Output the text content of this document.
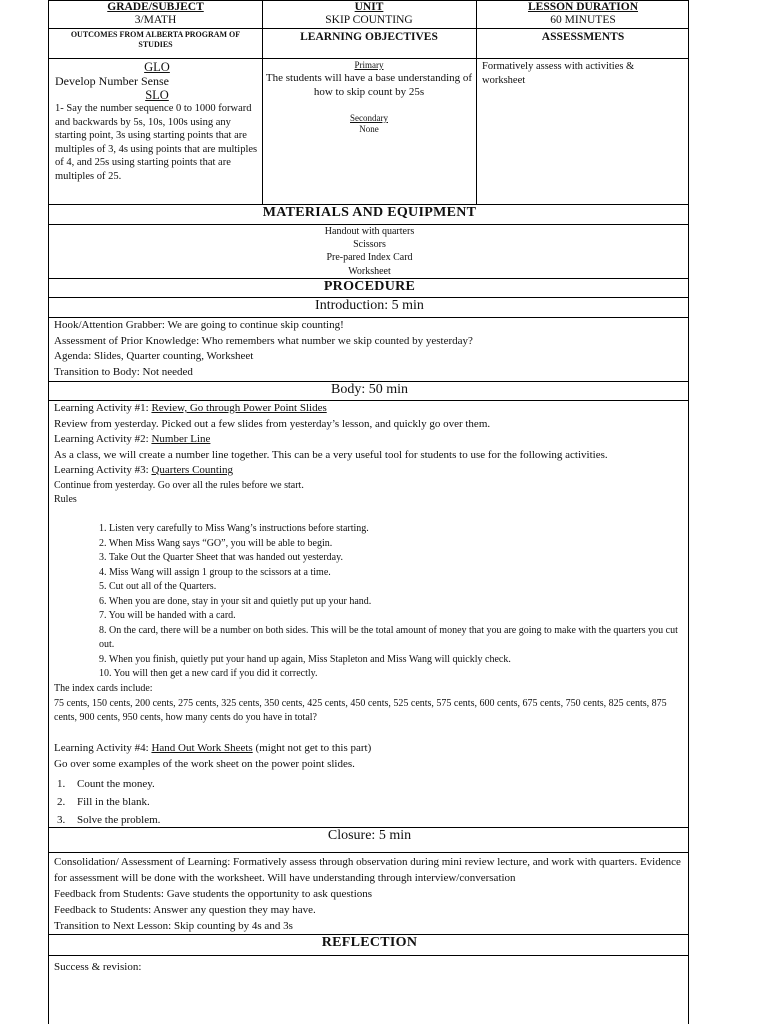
GRADE/SUBJECT
3/MATH
UNIT
SKIP COUNTING
LESSON DURATION
60 MINUTES
OUTCOMES FROM ALBERTA PROGRAM OF STUDIES
LEARNING OBJECTIVES	ASSESSMENTS
GLO
Develop Number Sense
SLO
1- Say the number sequence 0 to 1000 forward and backwards by 5s, 10s, 100s using any starting point, 3s using starting points that are multiples of 3, 4s using points that are multiples of 4, and 25s using starting points that are multiples of 25.
Primary
The students will have a base understanding of how to skip count by 25s
Secondary
None
Formatively assess with activities & worksheet
MATERIALS AND EQUIPMENT
Handout with quarters
Scissors
Pre-pared Index Card
Worksheet
PROCEDURE
Introduction: 5 min
Hook/Attention Grabber: We are going to continue skip counting!
Assessment of Prior Knowledge: Who remembers what number we skip counted by yesterday?
Agenda: Slides, Quarter counting, Worksheet
Transition to Body: Not needed
Body: 50 min
Learning Activity #1: Review, Go through Power Point Slides
Review from yesterday. Picked out a few slides from yesterday’s lesson, and quickly go over them.
Learning Activity #2: Number Line
As a class, we will create a number line together. This can be a very useful tool for students to use for the following activities.
Learning Activity #3: Quarters Counting
Continue from yesterday. Go over all the rules before we start.
Rules
1. Listen very carefully to Miss Wang’s instructions before starting.
2. When Miss Wang says “GO”, you will be able to begin.
3. Take Out the Quarter Sheet that was handed out yesterday.
4. Miss Wang will assign 1 group to the scissors at a time.
5. Cut out all of the Quarters.
6. When you are done, stay in your sit and quietly put up your hand.
7. You will be handed with a card.
8. On the card, there will be a number on both sides. This will be the total amount of money that you are going to make with the quarters you cut out.
9. When you finish, quietly put your hand up again, Miss Stapleton and Miss Wang will quickly check.
10. You will then get a new card if you did it correctly.
The index cards include:
75 cents, 150 cents, 200 cents, 275 cents, 325 cents, 350 cents, 425 cents, 450 cents, 525 cents, 575 cents, 600 cents, 675 cents, 750 cents, 825 cents, 875 cents, 900 cents, 950 cents, how many cents do you have in total?
Learning Activity #4: Hand Out Work Sheets (might not get to this part)
Go over some examples of the work sheet on the power point slides.
1. Count the money.
2. Fill in the blank.
3. Solve the problem.
Closure: 5 min
Consolidation/ Assessment of Learning: Formatively assess through observation during mini review lecture, and work with quarters. Evidence for assessment will be done with the worksheet. Will have understanding through interview/conversation
Feedback from Students: Gave students the opportunity to ask questions
Feedback to Students: Answer any question they may have.
Transition to Next Lesson: Skip counting by 4s and 3s
REFLECTION
Success & revision:
